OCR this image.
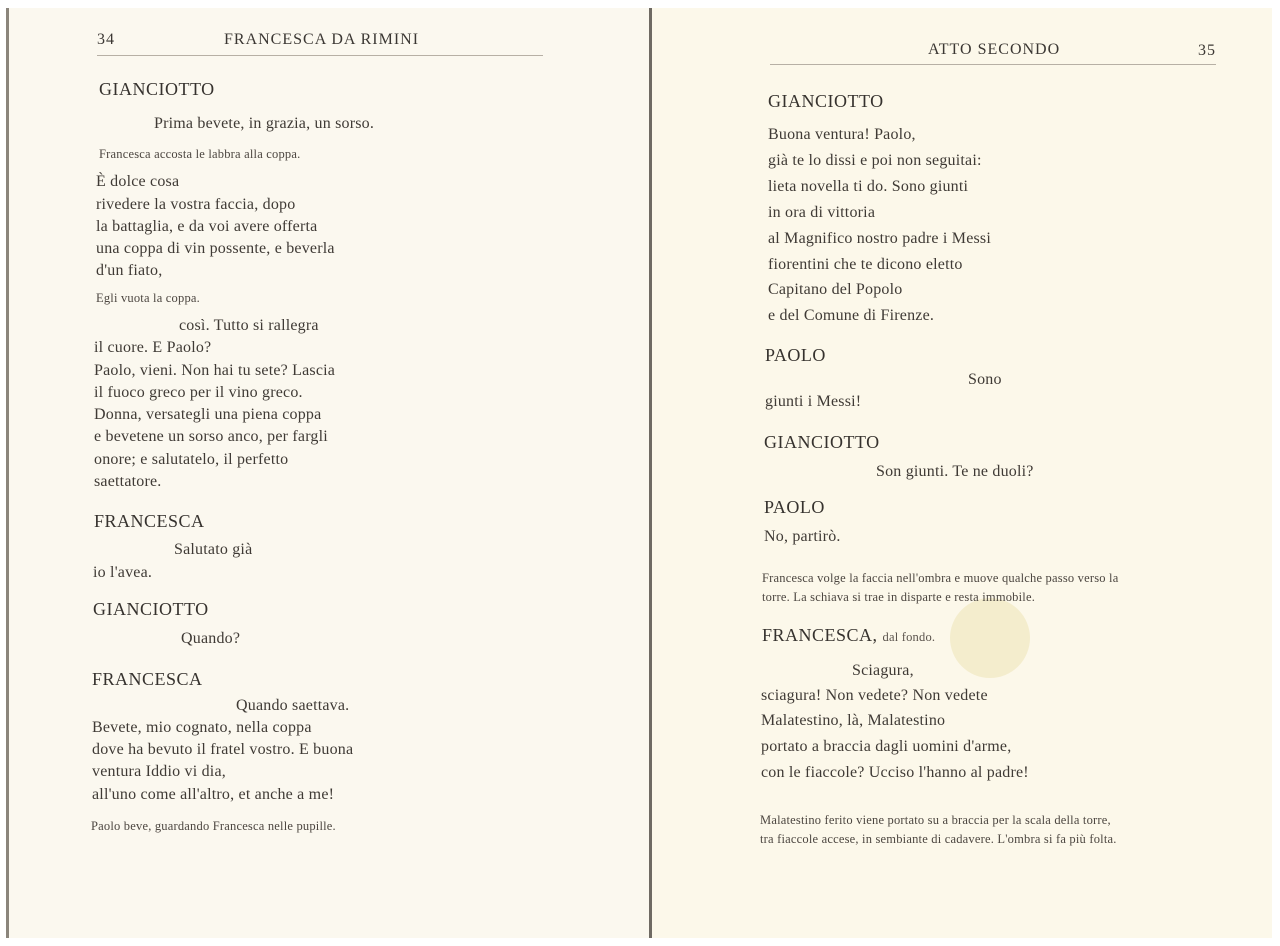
34	FRANCESCA DA RIMINI
GIANCIOTTO
Prima bevete, in grazia, un sorso.
Francesca accosta le labbra alla coppa.
È dolce cosa
rivedere la vostra faccia, dopo
la battaglia, e da voi avere offerta
una coppa di vin possente, e beverla
d'un fiato,
Egli vuota la coppa.
così. Tutto si rallegra
il cuore. E Paolo?
Paolo, vieni. Non hai tu sete? Lascia
il fuoco greco per il vino greco.
Donna, versategli una piena coppa
e bevetene un sorso anco, per fargli
onore; e salutatelo, il perfetto
saettatore.
FRANCESCA
Salutato già
io l'avea.
GIANCIOTTO
Quando?
FRANCESCA
Quando saettava.
Bevete, mio cognato, nella coppa
dove ha bevuto il fratel vostro. E buona
ventura Iddio vi dia,
all'uno come all'altro, et anche a me!
Paolo beve, guardando Francesca nelle pupille.
ATTO SECONDO	35
GIANCIOTTO
Buona ventura! Paolo,
già te lo dissi e poi non seguitai:
lieta novella ti do. Sono giunti
in ora di vittoria
al Magnifico nostro padre i Messi
fiorentini che te dicono eletto
Capitano del Popolo
e del Comune di Firenze.
PAOLO
Sono
giunti i Messi!
GIANCIOTTO
Son giunti. Te ne duoli?
PAOLO
No, partirò.
Francesca volge la faccia nell'ombra e muove qualche passo verso la
torre. La schiava si trae in disparte e resta immobile.
FRANCESCA, dal fondo.
Sciagura,
sciagura! Non vedete? Non vedete
Malatestino, là, Malatestino
portato a braccia dagli uomini d'arme,
con le fiaccole? Ucciso l'hanno al padre!
Malatestino ferito viene portato su a braccia per la scala della torre,
tra fiaccole accese, in sembiante di cadavere. L'ombra si fa più folta.
